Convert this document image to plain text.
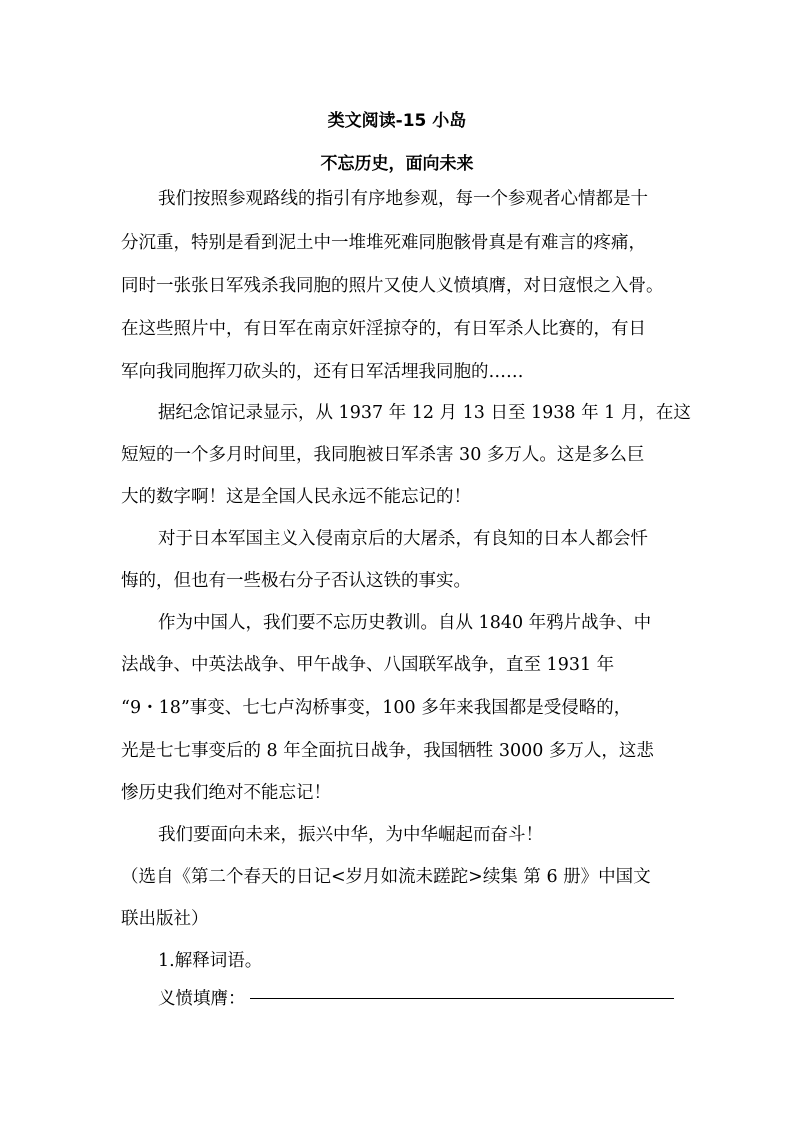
类文阅读-15 小岛
不忘历史，面向未来
我们按照参观路线的指引有序地参观，每一个参观者心情都是十
分沉重，特别是看到泥土中一堆堆死难同胞骸骨真是有难言的疼痛，
同时一张张日军残杀我同胞的照片又使人义愤填膺，对日寇恨之入骨。
在这些照片中，有日军在南京奸淫掠夺的，有日军杀人比赛的，有日
军向我同胞挥刀砍头的，还有日军活埋我同胞的……
据纪念馆记录显示，从 1937 年 12 月 13 日至 1938 年 1 月，在这
短短的一个多月时间里，我同胞被日军杀害 30 多万人。这是多么巨
大的数字啊！这是全国人民永远不能忘记的！
对于日本军国主义入侵南京后的大屠杀，有良知的日本人都会忏
悔的，但也有一些极右分子否认这铁的事实。
作为中国人，我们要不忘历史教训。自从 1840 年鸦片战争、中
法战争、中英法战争、甲午战争、八国联军战争，直至 1931 年
“9・18”事变、七七卢沟桥事变，100 多年来我国都是受侵略的，
光是七七事变后的 8 年全面抗日战争，我国牺牲 3000 多万人，这悲
惨历史我们绝对不能忘记！
我们要面向未来，振兴中华，为中华崛起而奋斗！
（选自《第二个春天的日记<岁月如流未蹉跎>续集 第 6 册》中国文
联出版社）
1.解释词语。
义愤填膺：
